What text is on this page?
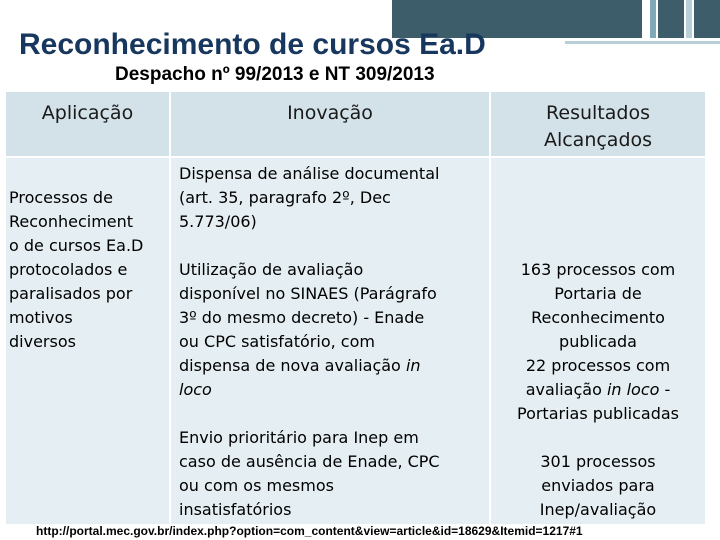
Reconhecimento de cursos Ea.D
Despacho nº 99/2013 e NT 309/2013
Aplicação	Inovação	Resultados
Alcançados
Processos de
Reconheciment
o de cursos Ea.D
protocolados e
paralisados por
motivos
diversos
Dispensa de análise documental
(art. 35, paragrafo 2º, Dec
5.773/06)
Utilização de avaliação
disponível no SINAES (Parágrafo
3º do mesmo decreto) - Enade
ou CPC satisfatório, com
dispensa de nova avaliação in
loco
Envio prioritário para Inep em
caso de ausência de Enade, CPC
ou com os mesmos
insatisfatórios
163 processos com
Portaria de
Reconhecimento
publicada
22 processos com
avaliação in loco -
Portarias publicadas
301 processos
enviados para
Inep/avaliação

http://portal.mec.gov.br/index.php?option=com_content&view=article&id=18629&Itemid=1217#1
